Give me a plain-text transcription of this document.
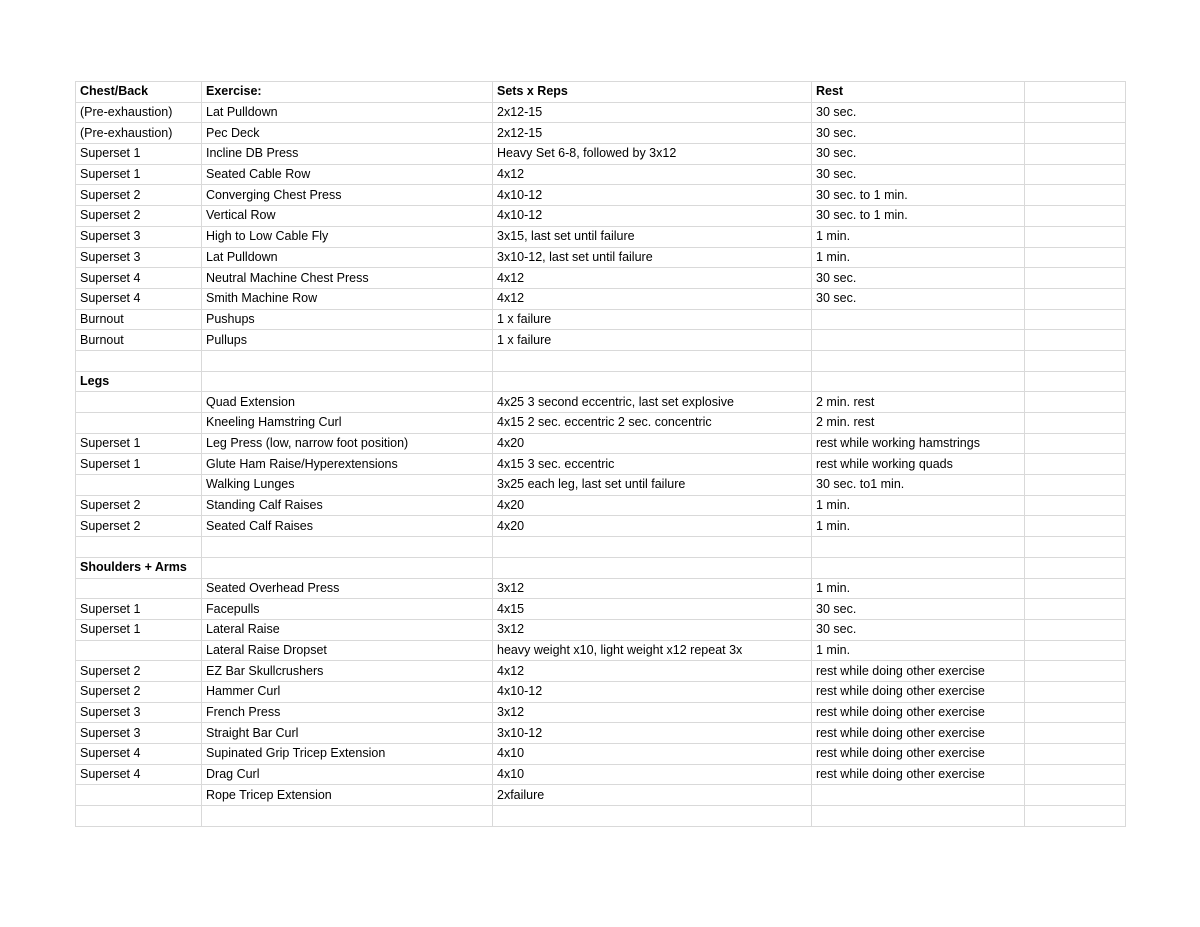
Chest/Back	Exercise:	Sets x Reps	Rest	
(Pre-exhaustion)	Lat Pulldown	2x12-15	30 sec.	
(Pre-exhaustion)	Pec Deck	2x12-15	30 sec.	
Superset 1	Incline DB Press	Heavy Set 6-8, followed by 3x12	30 sec.	
Superset 1	Seated Cable Row	4x12	30 sec.	
Superset 2	Converging Chest Press	4x10-12	30 sec. to 1 min.	
Superset 2	Vertical Row	4x10-12	30 sec. to 1 min.	
Superset 3	High to Low Cable Fly	3x15, last set until failure	1 min.	
Superset 3	Lat Pulldown	3x10-12, last set until failure	1 min.	
Superset 4	Neutral Machine Chest Press	4x12	30 sec.	
Superset 4	Smith Machine Row	4x12	30 sec.	
Burnout	Pushups	1 x failure		
Burnout	Pullups	1 x failure		

Legs				
	Quad Extension	4x25 3 second eccentric, last set explosive	2 min. rest	
	Kneeling Hamstring Curl	4x15 2 sec. eccentric 2 sec. concentric	2 min. rest	
Superset 1	Leg Press (low, narrow foot position)	4x20	rest while working hamstrings	
Superset 1	Glute Ham Raise/Hyperextensions	4x15 3 sec. eccentric	rest while working quads	
	Walking Lunges	3x25 each leg, last set until failure	30 sec. to1 min.	
Superset 2	Standing Calf Raises	4x20	1 min.	
Superset 2	Seated Calf Raises	4x20	1 min.	

Shoulders + Arms				
	Seated Overhead Press	3x12	1 min.	
Superset 1	Facepulls	4x15	30 sec.	
Superset 1	Lateral Raise	3x12	30 sec.	
	Lateral Raise Dropset	heavy weight x10, light weight x12 repeat 3x	1 min.	
Superset 2	EZ Bar Skullcrushers	4x12	rest while doing other exercise	
Superset 2	Hammer Curl	4x10-12	rest while doing other exercise	
Superset 3	French Press	3x12	rest while doing other exercise	
Superset 3	Straight Bar Curl	3x10-12	rest while doing other exercise	
Superset 4	Supinated Grip Tricep Extension	4x10	rest while doing other exercise	
Superset 4	Drag Curl	4x10	rest while doing other exercise	
	Rope Tricep Extension	2xfailure		
